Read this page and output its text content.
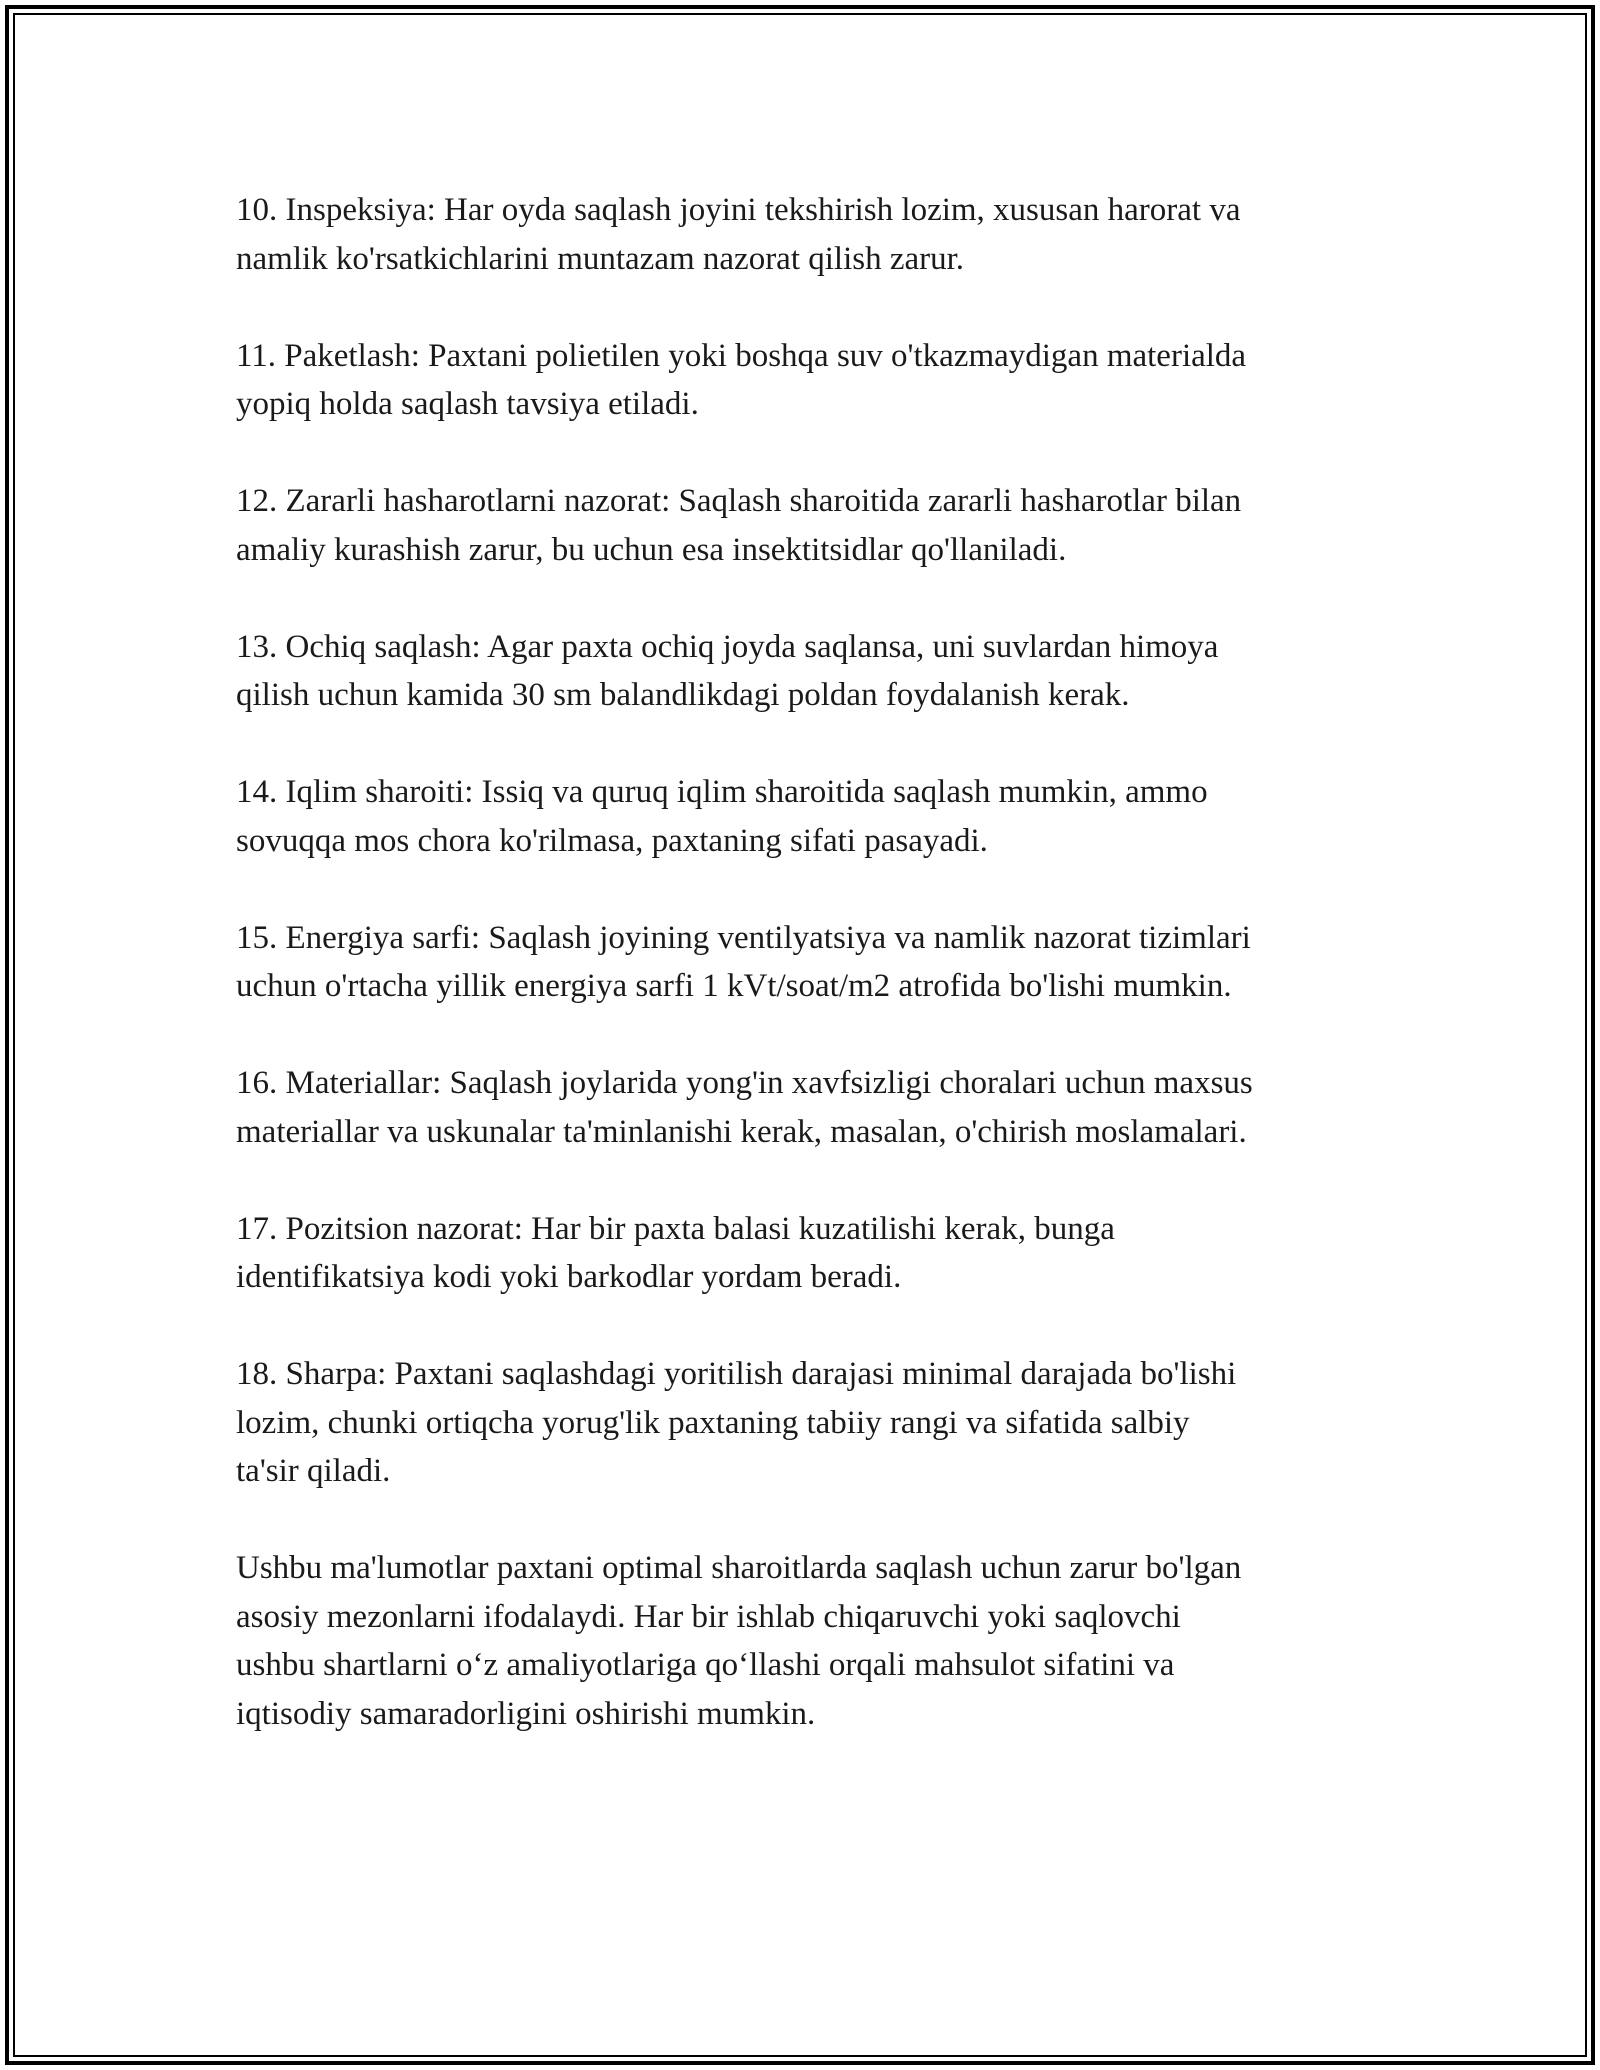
10. Inspeksiya: Har oyda saqlash joyini tekshirish lozim, xususan harorat va
namlik ko'rsatkichlarini muntazam nazorat qilish zarur.

11. Paketlash: Paxtani polietilen yoki boshqa suv o'tkazmaydigan materialda
yopiq holda saqlash tavsiya etiladi.

12. Zararli hasharotlarni nazorat: Saqlash sharoitida zararli hasharotlar bilan
amaliy kurashish zarur, bu uchun esa insektitsidlar qo'llaniladi.

13. Ochiq saqlash: Agar paxta ochiq joyda saqlansa, uni suvlardan himoya
qilish uchun kamida 30 sm balandlikdagi poldan foydalanish kerak.

14. Iqlim sharoiti: Issiq va quruq iqlim sharoitida saqlash mumkin, ammo
sovuqqa mos chora ko'rilmasa, paxtaning sifati pasayadi.

15. Energiya sarfi: Saqlash joyining ventilyatsiya va namlik nazorat tizimlari
uchun o'rtacha yillik energiya sarfi 1 kVt/soat/m2 atrofida bo'lishi mumkin.

16. Materiallar: Saqlash joylarida yong'in xavfsizligi choralari uchun maxsus
materiallar va uskunalar ta'minlanishi kerak, masalan, o'chirish moslamalari.

17. Pozitsion nazorat: Har bir paxta balasi kuzatilishi kerak, bunga
identifikatsiya kodi yoki barkodlar yordam beradi.

18. Sharpa: Paxtani saqlashdagi yoritilish darajasi minimal darajada bo'lishi
lozim, chunki ortiqcha yorug'lik paxtaning tabiiy rangi va sifatida salbiy
ta'sir qiladi.

Ushbu ma'lumotlar paxtani optimal sharoitlarda saqlash uchun zarur bo'lgan
asosiy mezonlarni ifodalaydi. Har bir ishlab chiqaruvchi yoki saqlovchi
ushbu shartlarni o‘z amaliyotlariga qo‘llashi orqali mahsulot sifatini va
iqtisodiy samaradorligini oshirishi mumkin.
